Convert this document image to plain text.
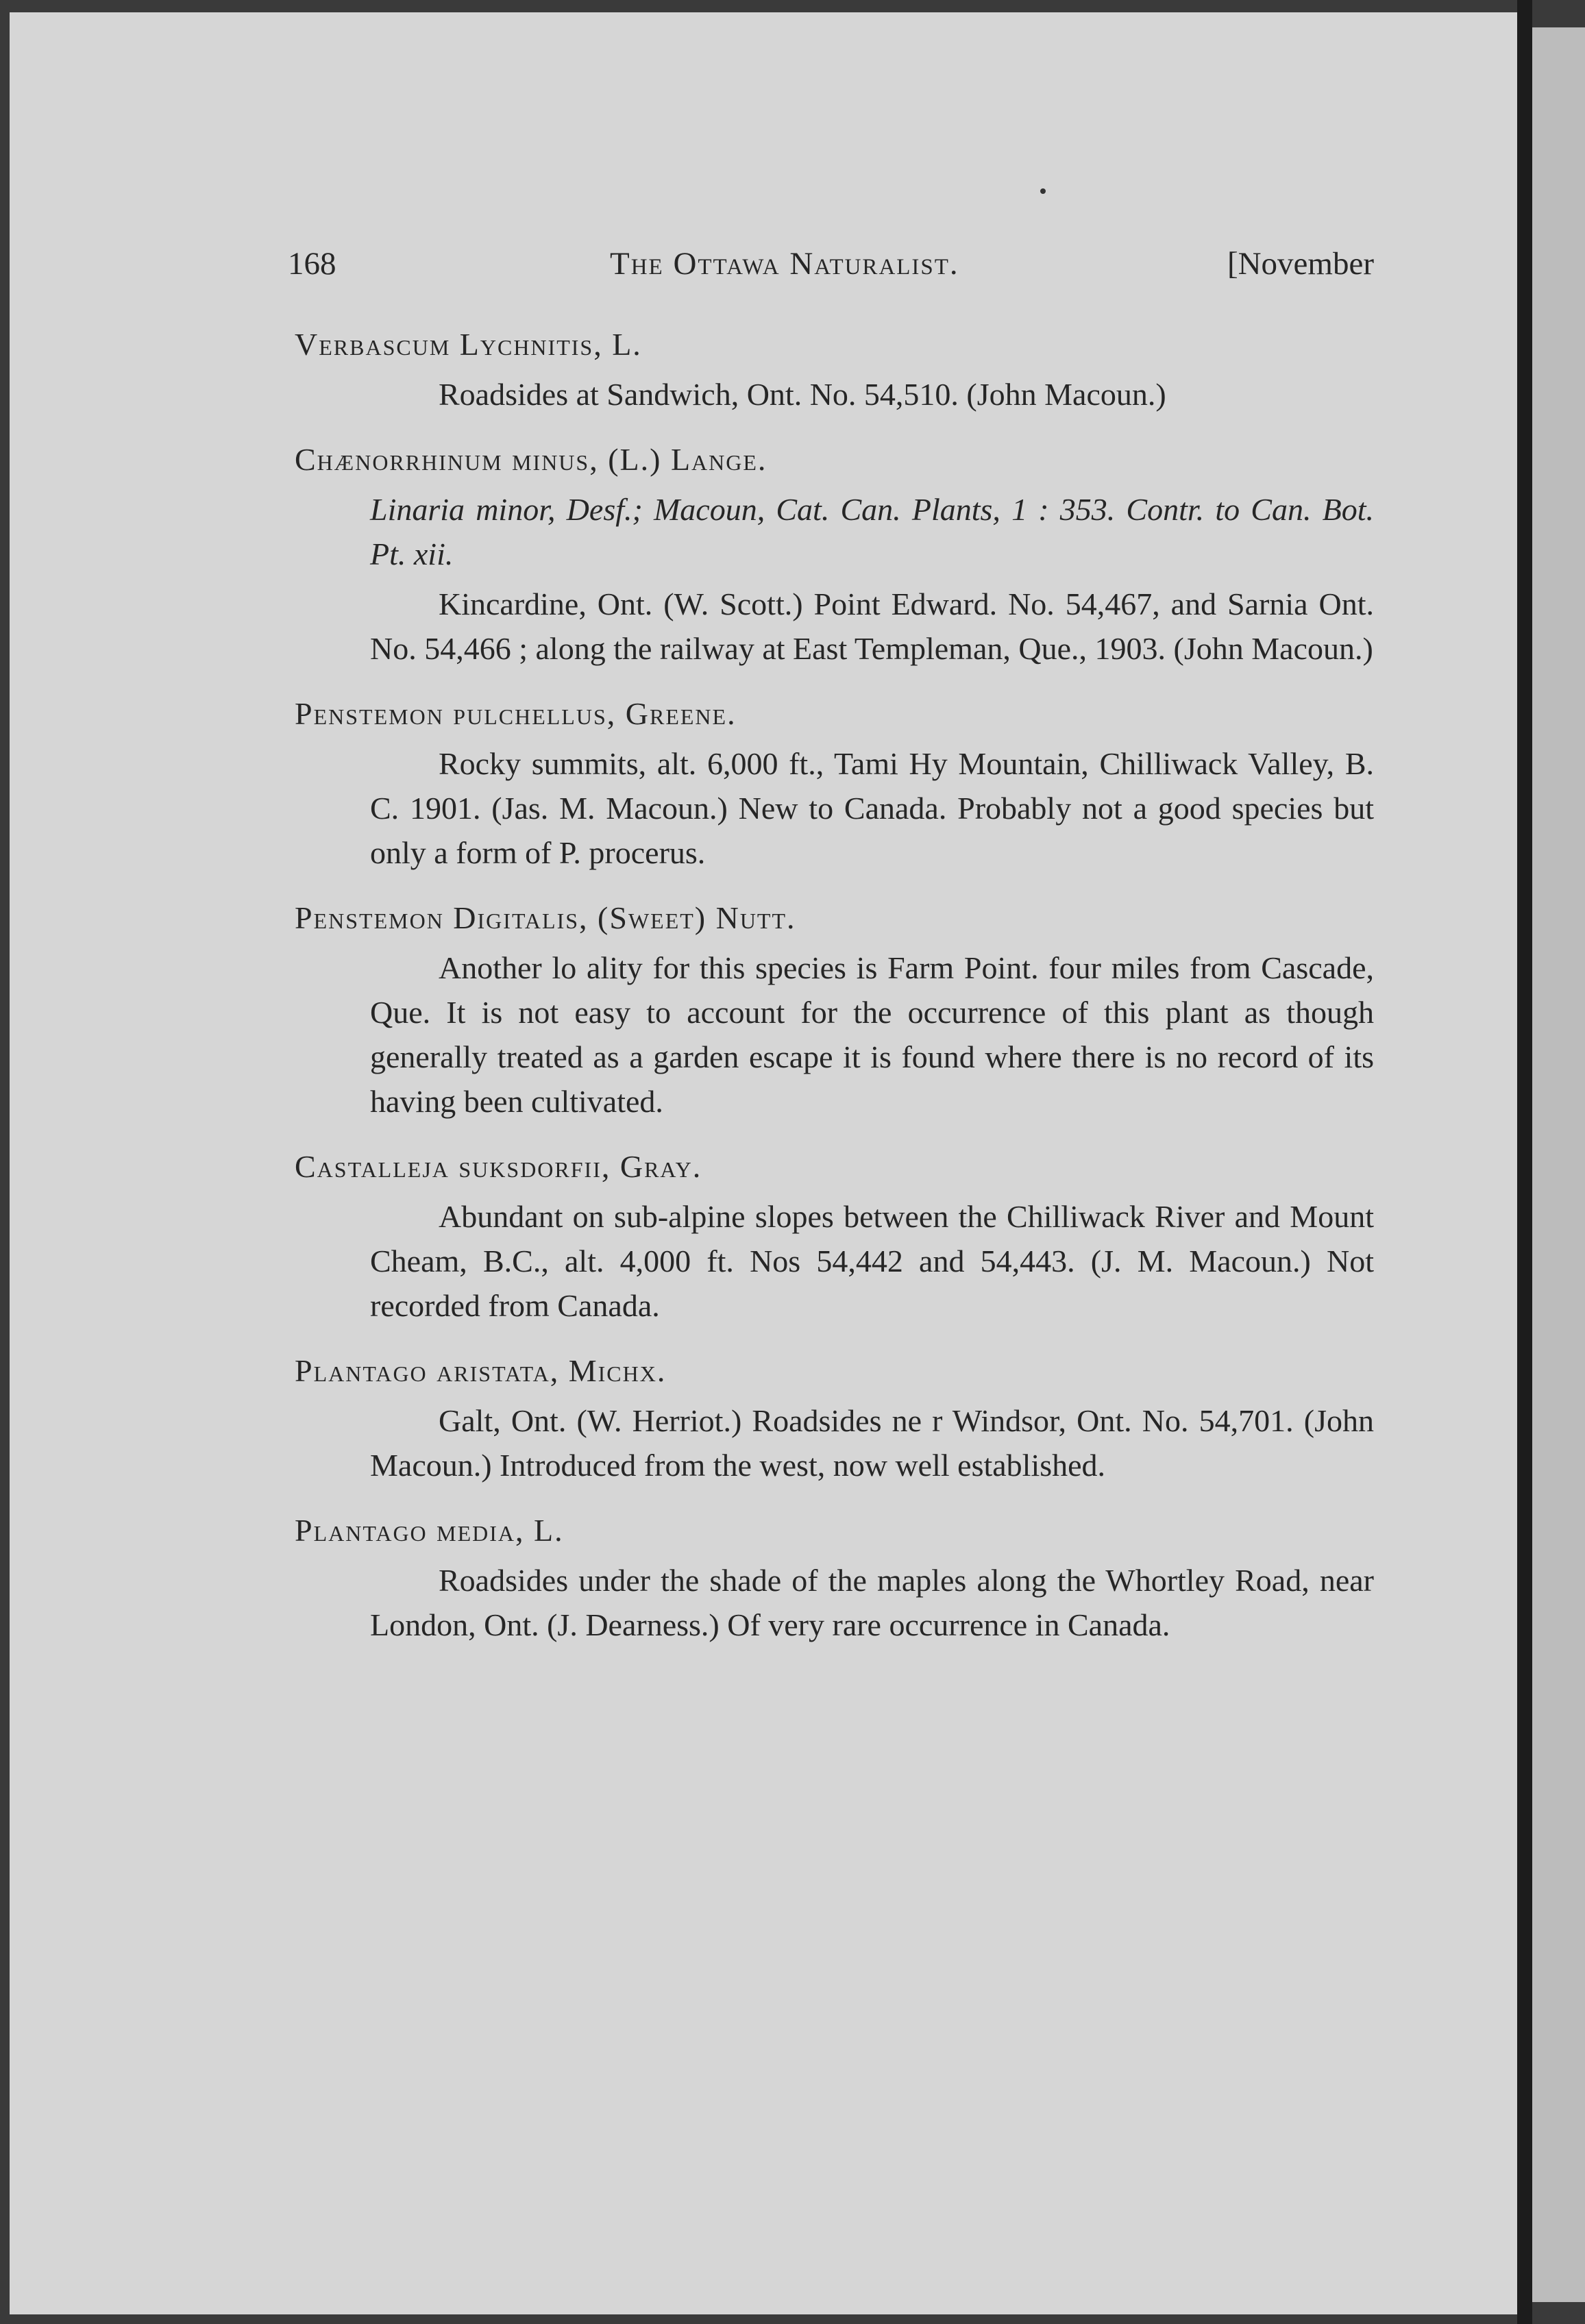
168	The Ottawa Naturalist.	[November

Verbascum Lychnitis, L.

Roadsides at Sandwich, Ont. No. 54,510. (John Macoun.)

Chænorrhinum minus, (L.) Lange.

Linaria minor, Desf.; Macoun, Cat. Can. Plants, 1 : 353. Contr. to Can. Bot. Pt. xii.

Kincardine, Ont. (W. Scott.) Point Edward. No. 54,467, and Sarnia Ont. No. 54,466 ; along the railway at East Templeman, Que., 1903. (John Macoun.)

Penstemon pulchellus, Greene.

Rocky summits, alt. 6,000 ft., Tami Hy Mountain, Chilliwack Valley, B. C. 1901. (Jas. M. Macoun.) New to Canada. Probably not a good species but only a form of P. procerus.

Penstemon Digitalis, (Sweet) Nutt.

Another lo ality for this species is Farm Point. four miles from Cascade, Que. It is not easy to account for the occurrence of this plant as though generally treated as a garden escape it is found where there is no record of its having been cultivated.

Castalleja suksdorfii, Gray.

Abundant on sub-alpine slopes between the Chilliwack River and Mount Cheam, B.C., alt. 4,000 ft. Nos 54,442 and 54,443. (J. M. Macoun.) Not recorded from Canada.

Plantago aristata, Michx.

Galt, Ont. (W. Herriot.) Roadsides ne r Windsor, Ont. No. 54,701. (John Macoun.) Introduced from the west, now well established.

Plantago media, L.

Roadsides under the shade of the maples along the Whortley Road, near London, Ont. (J. Dearness.) Of very rare occurrence in Canada.
